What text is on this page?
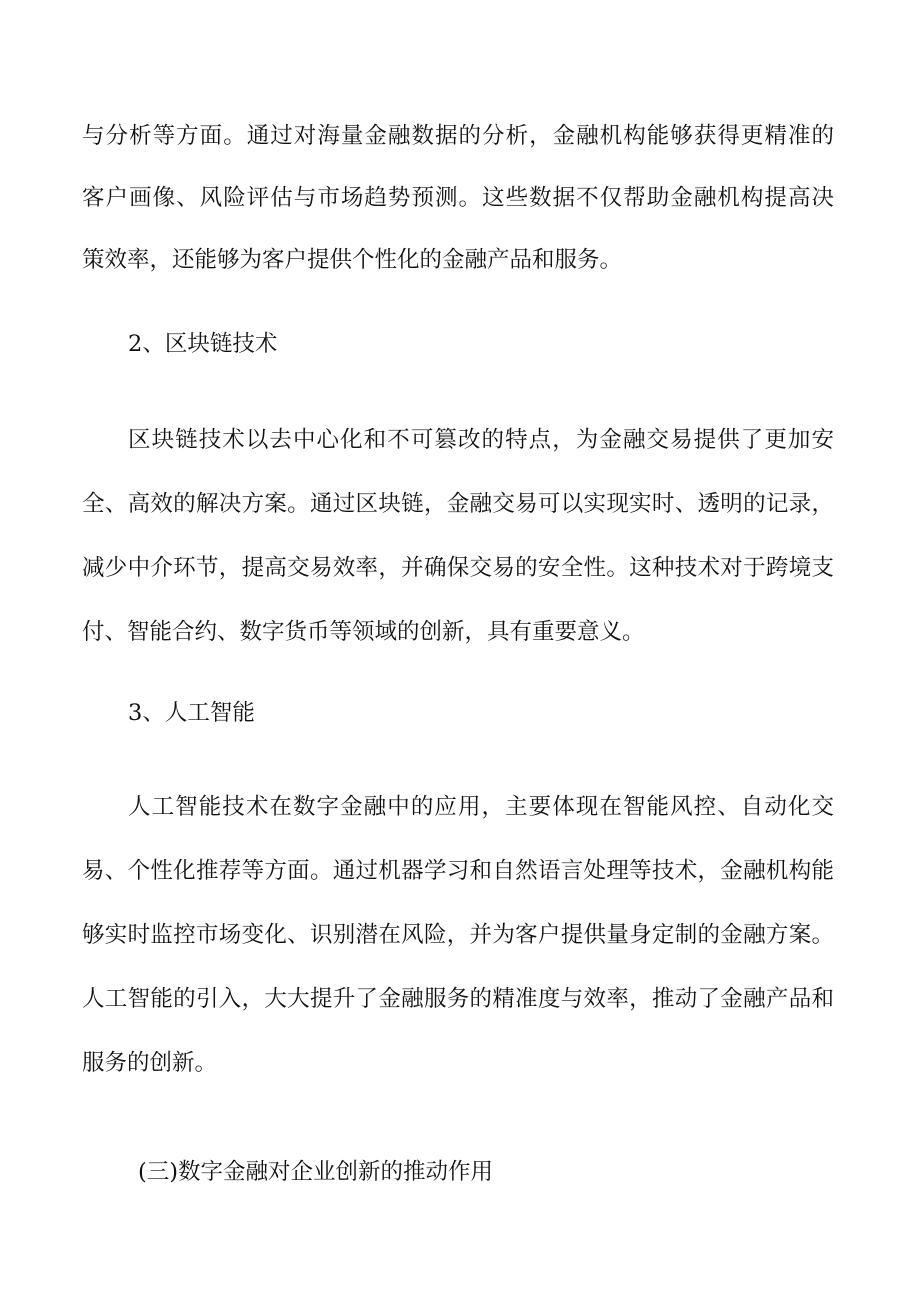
与分析等方面。通过对海量金融数据的分析，金融机构能够获得更精准的
客户画像、风险评估与市场趋势预测。这些数据不仅帮助金融机构提高决
策效率，还能够为客户提供个性化的金融产品和服务。
2、区块链技术
区块链技术以去中心化和不可篡改的特点，为金融交易提供了更加安
全、高效的解决方案。通过区块链，金融交易可以实现实时、透明的记录，
减少中介环节，提高交易效率，并确保交易的安全性。这种技术对于跨境支
付、智能合约、数字货币等领域的创新，具有重要意义。
3、人工智能
人工智能技术在数字金融中的应用，主要体现在智能风控、自动化交
易、个性化推荐等方面。通过机器学习和自然语言处理等技术，金融机构能
够实时监控市场变化、识别潜在风险，并为客户提供量身定制的金融方案。
人工智能的引入，大大提升了金融服务的精准度与效率，推动了金融产品和
服务的创新。
(三)数字金融对企业创新的推动作用
